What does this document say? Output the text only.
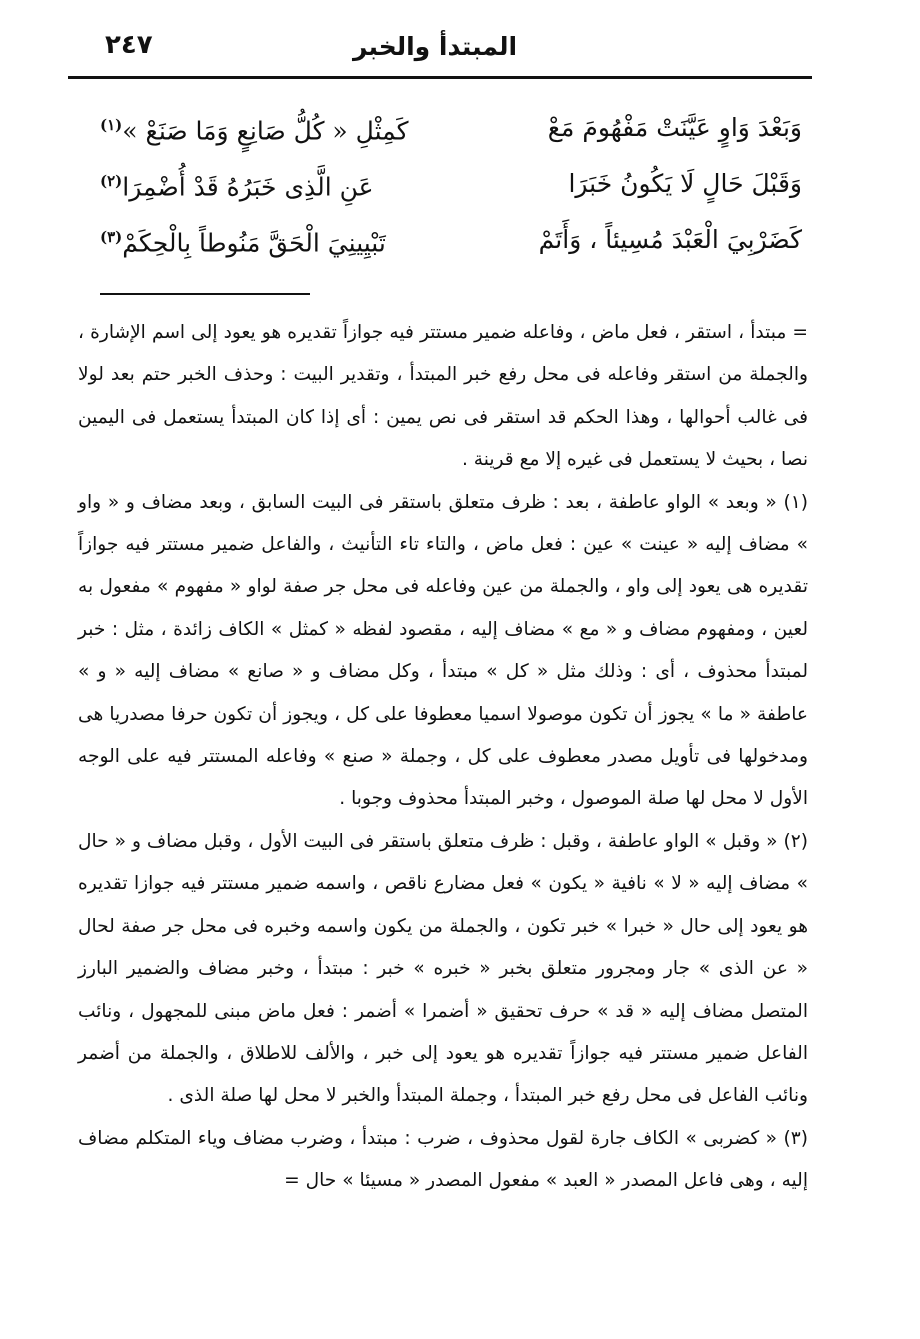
المبتدأ والخبر
٢٤٧
وَبَعْدَ وَاوٍ عَيَّنَتْ مَفْهُومَ مَعْ
كَمِثْلِ « كُلُّ صَانِعٍ وَمَا صَنَعْ »$^{(١)}$
وَقَبْلَ حَالٍ لَا يَكُونُ خَبَرَا
عَنِ الَّذِى خَبَرُهُ قَدْ أُضْمِرَا$^{(٢)}$
كَضَرْبِيَ الْعَبْدَ مُسِيئاً ، وَأَتَمْ
تَبْيِينِيَ الْحَقَّ مَنُوطاً بِالْحِكَمْ$^{(٣)}$

= مبتدأ ، استقر ، فعل ماض ، وفاعله ضمير مستتر فيه جوازاً تقديره هو يعود إلى اسم الإشارة ، والجملة من استقر وفاعله فى محل رفع خبر المبتدأ ، وتقدير البيت : وحذف الخبر حتم بعد لولا فى غالب أحوالها ، وهذا الحكم قد استقر فى نص يمين : أى إذا كان المبتدأ يستعمل فى اليمين نصا ، بحيث لا يستعمل فى غيره إلا مع قرينة .

(١) « وبعد » الواو عاطفة ، بعد : ظرف متعلق باستقر فى البيت السابق ، وبعد مضاف و « واو » مضاف إليه « عينت » عين : فعل ماض ، والتاء تاء التأنيث ، والفاعل ضمير مستتر فيه جوازاً تقديره هى يعود إلى واو ، والجملة من عين وفاعله فى محل جر صفة لواو « مفهوم » مفعول به لعين ، ومفهوم مضاف و « مع » مضاف إليه ، مقصود لفظه « كمثل » الكاف زائدة ، مثل : خبر لمبتدأ محذوف ، أى : وذلك مثل « كل » مبتدأ ، وكل مضاف و « صانع » مضاف إليه « و » عاطفة « ما » يجوز أن تكون موصولا اسميا معطوفا على كل ، ويجوز أن تكون حرفا مصدريا هى ومدخولها فى تأويل مصدر معطوف على كل ، وجملة « صنع » وفاعله المستتر فيه على الوجه الأول لا محل لها صلة الموصول ، وخبر المبتدأ محذوف وجوبا .

(٢) « وقبل » الواو عاطفة ، وقبل : ظرف متعلق باستقر فى البيت الأول ، وقبل مضاف و « حال » مضاف إليه « لا » نافية « يكون » فعل مضارع ناقص ، واسمه ضمير مستتر فيه جوازا تقديره هو يعود إلى حال « خبرا » خبر تكون ، والجملة من يكون واسمه وخبره فى محل جر صفة لحال « عن الذى » جار ومجرور متعلق بخبر « خبره » خبر : مبتدأ ، وخبر مضاف والضمير البارز المتصل مضاف إليه « قد » حرف تحقيق « أضمرا » أضمر : فعل ماض مبنى للمجهول ، ونائب الفاعل ضمير مستتر فيه جوازاً تقديره هو يعود إلى خبر ، والألف للاطلاق ، والجملة من أضمر ونائب الفاعل فى محل رفع خبر المبتدأ ، وجملة المبتدأ والخبر لا محل لها صلة الذى .

(٣) « كضربى » الكاف جارة لقول محذوف ، ضرب : مبتدأ ، وضرب مضاف وياء المتكلم مضاف إليه ، وهى فاعل المصدر « العبد » مفعول المصدر « مسيئا » حال =
